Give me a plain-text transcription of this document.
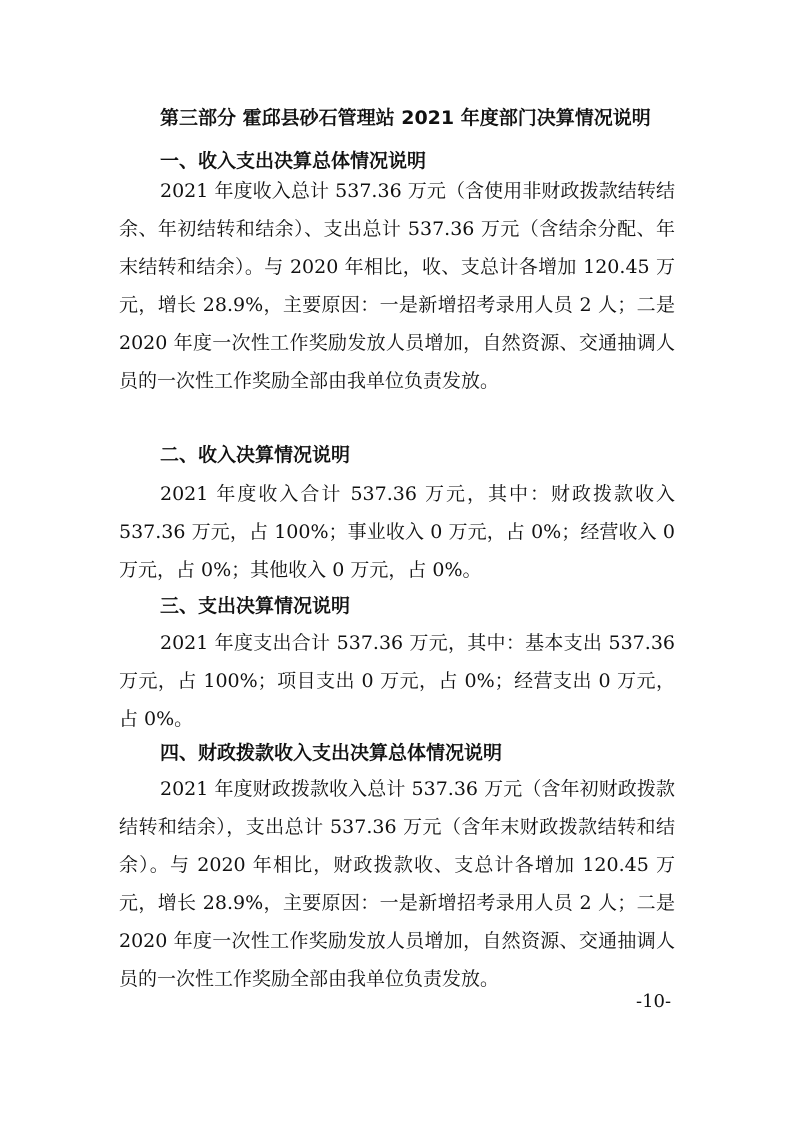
第三部分 霍邱县砂石管理站 2021 年度部门决算情况说明
一、收入支出决算总体情况说明

2021 年度收入总计 537.36 万元（含使用非财政拨款结转结余、年初结转和结余）、支出总计 537.36 万元（含结余分配、年末结转和结余）。与 2020 年相比，收、支总计各增加 120.45 万元，增长 28.9%，主要原因：一是新增招考录用人员 2 人；二是 2020 年度一次性工作奖励发放人员增加，自然资源、交通抽调人员的一次性工作奖励全部由我单位负责发放。

二、收入决算情况说明

2021 年度收入合计 537.36 万元，其中：财政拨款收入 537.36 万元，占 100%；事业收入 0 万元，占 0%；经营收入 0 万元，占 0%；其他收入 0 万元，占 0%。

三、支出决算情况说明

2021 年度支出合计 537.36 万元，其中：基本支出 537.36 万元，占 100%；项目支出 0 万元，占 0%；经营支出 0 万元，占 0%。

四、财政拨款收入支出决算总体情况说明

2021 年度财政拨款收入总计 537.36 万元（含年初财政拨款结转和结余），支出总计 537.36 万元（含年末财政拨款结转和结余）。与 2020 年相比，财政拨款收、支总计各增加 120.45 万元，增长 28.9%，主要原因：一是新增招考录用人员 2 人；二是 2020 年度一次性工作奖励发放人员增加，自然资源、交通抽调人员的一次性工作奖励全部由我单位负责发放。

-10-
